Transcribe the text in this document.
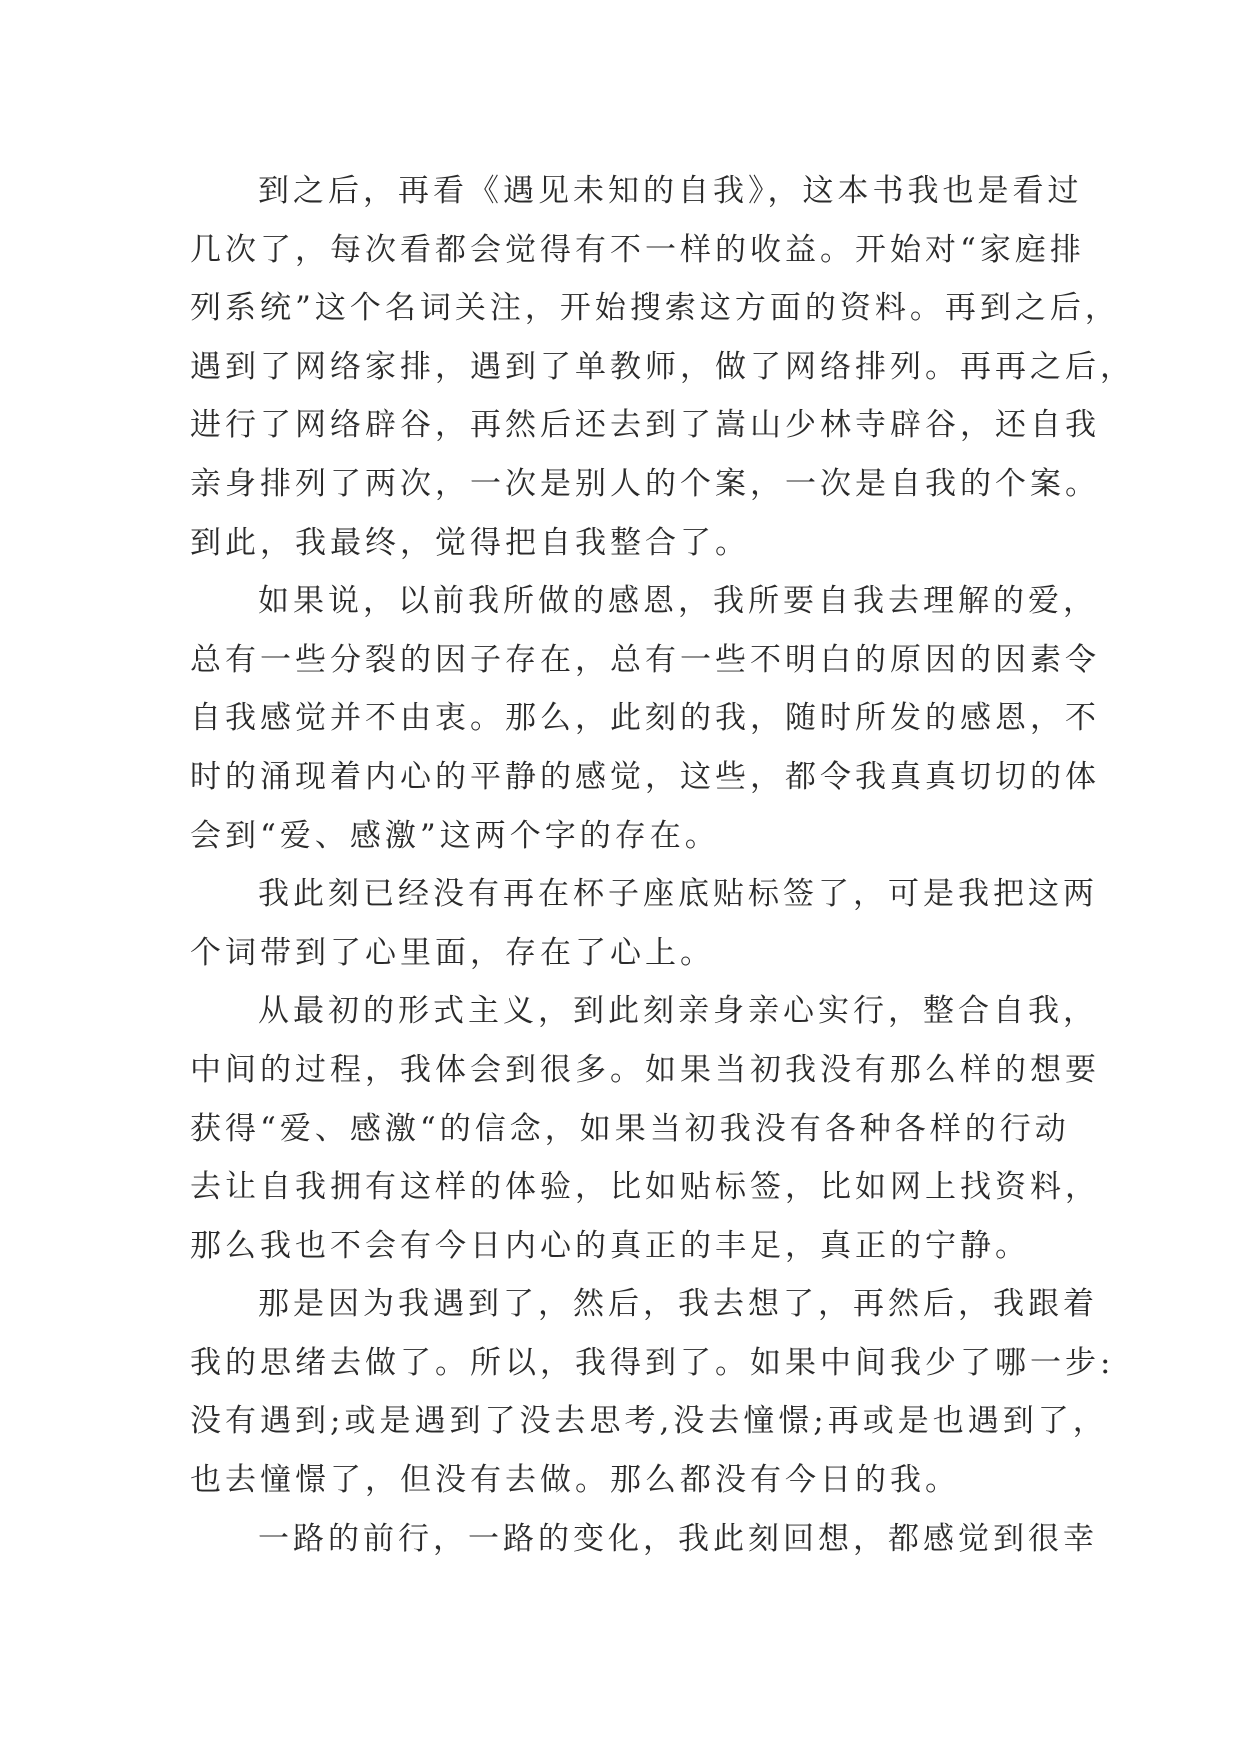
到之后，再看《遇见未知的自我》，这本书我也是看过
几次了，每次看都会觉得有不一样的收益。开始对“家庭排
列系统”这个名词关注，开始搜索这方面的资料。再到之后，
遇到了网络家排，遇到了单教师，做了网络排列。再再之后，
进行了网络辟谷，再然后还去到了嵩山少林寺辟谷，还自我
亲身排列了两次，一次是别人的个案，一次是自我的个案。
到此，我最终，觉得把自我整合了。
如果说，以前我所做的感恩，我所要自我去理解的爱，
总有一些分裂的因子存在，总有一些不明白的原因的因素令
自我感觉并不由衷。那么，此刻的我，随时所发的感恩，不
时的涌现着内心的平静的感觉，这些，都令我真真切切的体
会到“爱、感激”这两个字的存在。
我此刻已经没有再在杯子座底贴标签了，可是我把这两
个词带到了心里面，存在了心上。
从最初的形式主义，到此刻亲身亲心实行，整合自我，
中间的过程，我体会到很多。如果当初我没有那么样的想要
获得“爱、感激“的信念，如果当初我没有各种各样的行动
去让自我拥有这样的体验，比如贴标签，比如网上找资料，
那么我也不会有今日内心的真正的丰足，真正的宁静。
那是因为我遇到了，然后，我去想了，再然后，我跟着
我的思绪去做了。所以，我得到了。如果中间我少了哪一步:
没有遇到;或是遇到了没去思考,没去憧憬;再或是也遇到了，
也去憧憬了，但没有去做。那么都没有今日的我。
一路的前行，一路的变化，我此刻回想，都感觉到很幸
